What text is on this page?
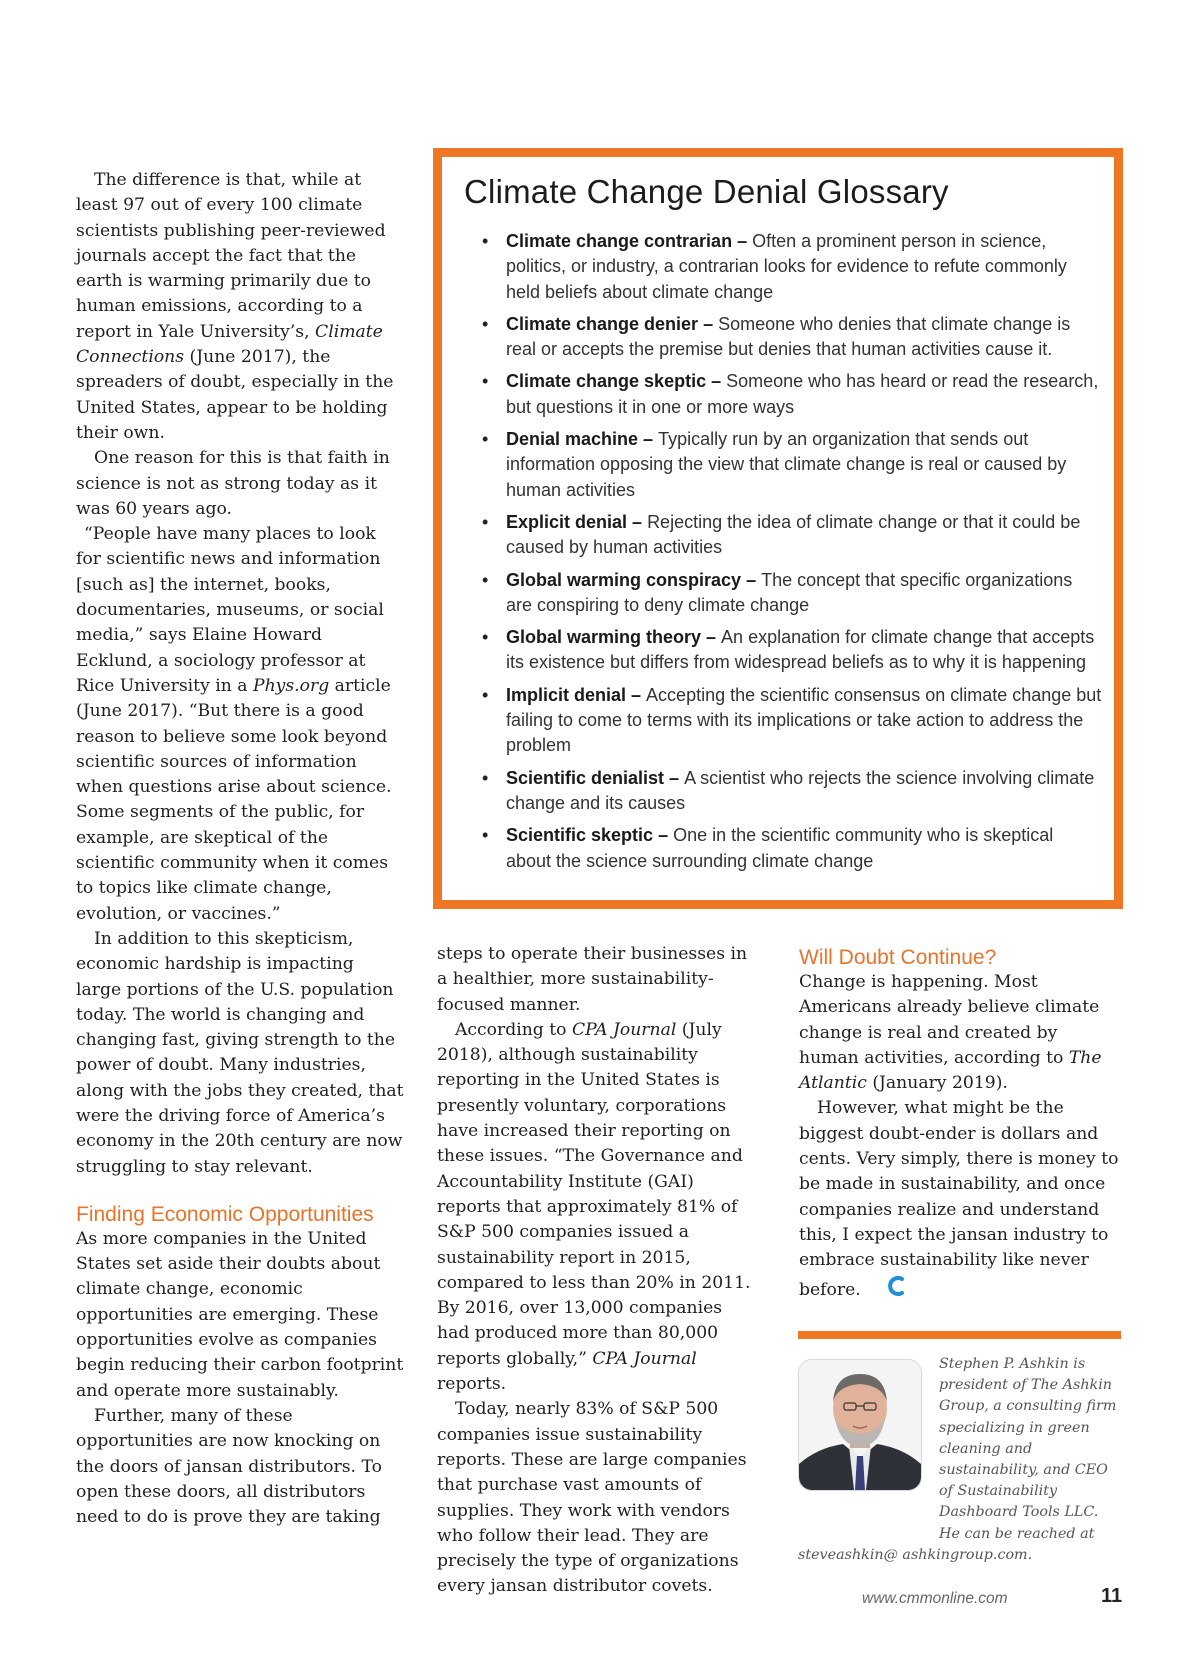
The difference is that, while at least 97 out of every 100 climate scientists publishing peer-reviewed journals accept the fact that the earth is warming primarily due to human emissions, according to a report in Yale University’s, Climate Connections (June 2017), the spreaders of doubt, especially in the United States, appear to be holding their own.

One reason for this is that faith in science is not as strong today as it was 60 years ago.

“People have many places to look for scientific news and information [such as] the internet, books, documentaries, museums, or social media,” says Elaine Howard Ecklund, a sociology professor at Rice University in a Phys.org article (June 2017). “But there is a good reason to believe some look beyond scientific sources of information when questions arise about science. Some segments of the public, for example, are skeptical of the scientific community when it comes to topics like climate change, evolution, or vaccines.”

In addition to this skepticism, economic hardship is impacting large portions of the U.S. population today. The world is changing and changing fast, giving strength to the power of doubt. Many industries, along with the jobs they created, that were the driving force of America’s economy in the 20th century are now struggling to stay relevant.

Finding Economic Opportunities

As more companies in the United States set aside their doubts about climate change, economic opportunities are emerging. These opportunities evolve as companies begin reducing their carbon footprint and operate more sustainably.

Further, many of these opportunities are now knocking on the doors of jansan distributors. To open these doors, all distributors need to do is prove they are taking

Climate Change Denial Glossary
• Climate change contrarian – Often a prominent person in science, politics, or industry, a contrarian looks for evidence to refute commonly held beliefs about climate change
• Climate change denier – Someone who denies that climate change is real or accepts the premise but denies that human activities cause it.
• Climate change skeptic – Someone who has heard or read the research, but questions it in one or more ways
• Denial machine – Typically run by an organization that sends out information opposing the view that climate change is real or caused by human activities
• Explicit denial – Rejecting the idea of climate change or that it could be caused by human activities
• Global warming conspiracy – The concept that specific organizations are conspiring to deny climate change
• Global warming theory – An explanation for climate change that accepts its existence but differs from widespread beliefs as to why it is happening
• Implicit denial – Accepting the scientific consensus on climate change but failing to come to terms with its implications or take action to address the problem
• Scientific denialist – A scientist who rejects the science involving climate change and its causes
• Scientific skeptic – One in the scientific community who is skeptical about the science surrounding climate change

steps to operate their businesses in a healthier, more sustainability-focused manner.

According to CPA Journal (July 2018), although sustainability reporting in the United States is presently voluntary, corporations have increased their reporting on these issues. “The Governance and Accountability Institute (GAI) reports that approximately 81% of S&P 500 companies issued a sustainability report in 2015, compared to less than 20% in 2011. By 2016, over 13,000 companies had produced more than 80,000 reports globally,” CPA Journal reports.

Today, nearly 83% of S&P 500 companies issue sustainability reports. These are large companies that purchase vast amounts of supplies. They work with vendors who follow their lead. They are precisely the type of organizations every jansan distributor covets.

Will Doubt Continue?

Change is happening. Most Americans already believe climate change is real and created by human activities, according to The Atlantic (January 2019).

However, what might be the biggest doubt-ender is dollars and cents. Very simply, there is money to be made in sustainability, and once companies realize and understand this, I expect the jansan industry to embrace sustainability like never before.

Stephen P. Ashkin is president of The Ashkin Group, a consulting firm specializing in green cleaning and sustainability, and CEO of Sustainability Dashboard Tools LLC. He can be reached at steveashkin@ ashkingroup.com.
www.cmmonline.com	11
